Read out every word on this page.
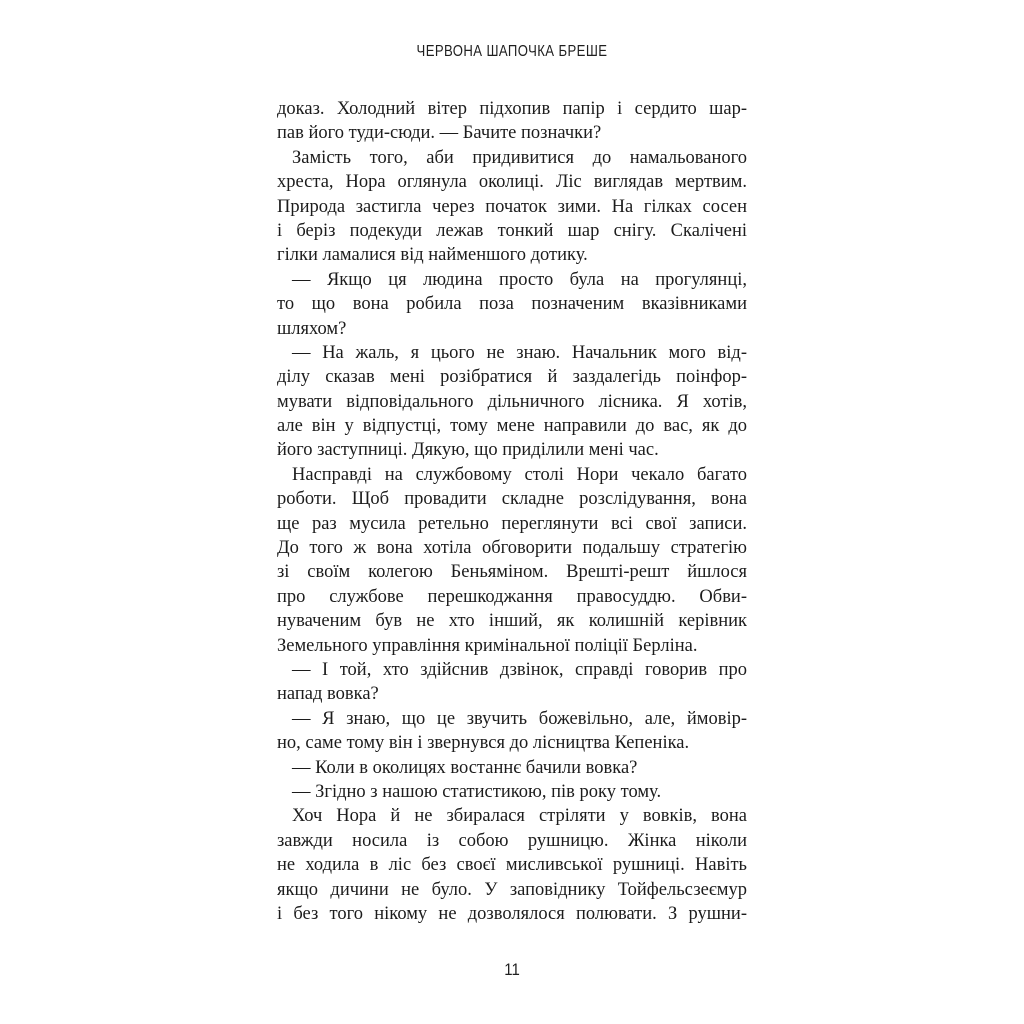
ЧЕРВОНА ШАПОЧКА БРЕШЕ
доказ. Холодний вітер підхопив папір і сердито шар-
пав його туди-сюди. — Бачите позначки?
Замість того, аби придивитися до намальованого
хреста, Нора оглянула околиці. Ліс виглядав мертвим.
Природа застигла через початок зими. На гілках сосен
і беріз подекуди лежав тонкий шар снігу. Скалічені
гілки ламалися від найменшого дотику.
— Якщо ця людина просто була на прогулянці,
то що вона робила поза позначеним вказівниками
шляхом?
— На жаль, я цього не знаю. Начальник мого від-
ділу сказав мені розібратися й заздалегідь поінфор-
мувати відповідального дільничного лісника. Я хотів,
але він у відпустці, тому мене направили до вас, як до
його заступниці. Дякую, що приділили мені час.
Насправді на службовому столі Нори чекало багато
роботи. Щоб провадити складне розслідування, вона
ще раз мусила ретельно переглянути всі свої записи.
До того ж вона хотіла обговорити подальшу стратегію
зі своїм колегою Беньяміном. Врешті-решт йшлося
про службове перешкоджання правосуддю. Обви-
нуваченим був не хто інший, як колишній керівник
Земельного управління кримінальної поліції Берліна.
— І той, хто здійснив дзвінок, справді говорив про
напад вовка?
— Я знаю, що це звучить божевільно, але, ймовір-
но, саме тому він і звернувся до лісництва Кепеніка.
— Коли в околицях востаннє бачили вовка?
— Згідно з нашою статистикою, пів року тому.
Хоч Нора й не збиралася стріляти у вовків, вона
завжди носила із собою рушницю. Жінка ніколи
не ходила в ліс без своєї мисливської рушниці. Навіть
якщо дичини не було. У заповіднику Тойфельсзеємур
і без того нікому не дозволялося полювати. З рушни-
11
